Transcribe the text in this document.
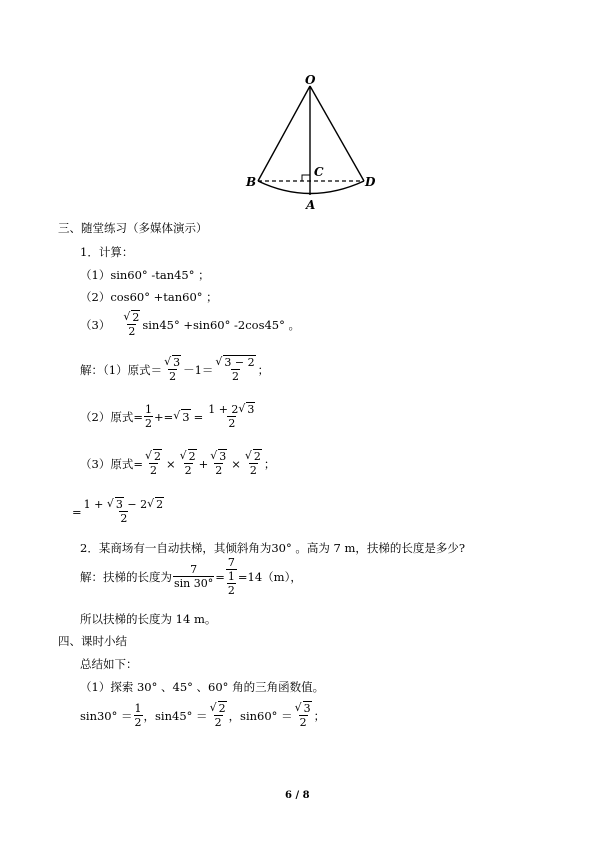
O
C
B	D
A
三、随堂练习（多媒体演示）
1．计算：
（1）sin60° -tan45° ；
（2）cos60° +tan60° ；
（3）	√ 2
2 sin45° +sin60° -2cos45° 。
解：（1）原式＝	√ 3
2 －1＝	√ 3 − 2
2 ；
（2）原式= $\frac{1}{2}$ += √ $3 = \frac{1 + 2 √ 3}{2}$
（3）原式= √ $\frac{2}{2}$ × √ $\frac{2}{2}$ + √ $\frac{3}{2}$ × √ $\frac{2}{2}$ ；
= $\frac{1 + √ 3 - 2 √ 2}{2}$
2．某商场有一自动扶梯，其倾斜角为30° 。高为 7 m，扶梯的长度是多少?
解：扶梯的长度为 $\frac{7}{\sin 30^\circ} = \frac{7}{\frac{1}{2}} =14(m)$，
所以扶梯的长度为 14 m。
四、课时小结
总结如下：
（1）探索 30° 、45° 、60° 角的三角函数值。
sin30° ＝ 1
2 ，sin45° ＝	√ 2
2 ，sin60° ＝	√ 3
2 ；
6 / 8
